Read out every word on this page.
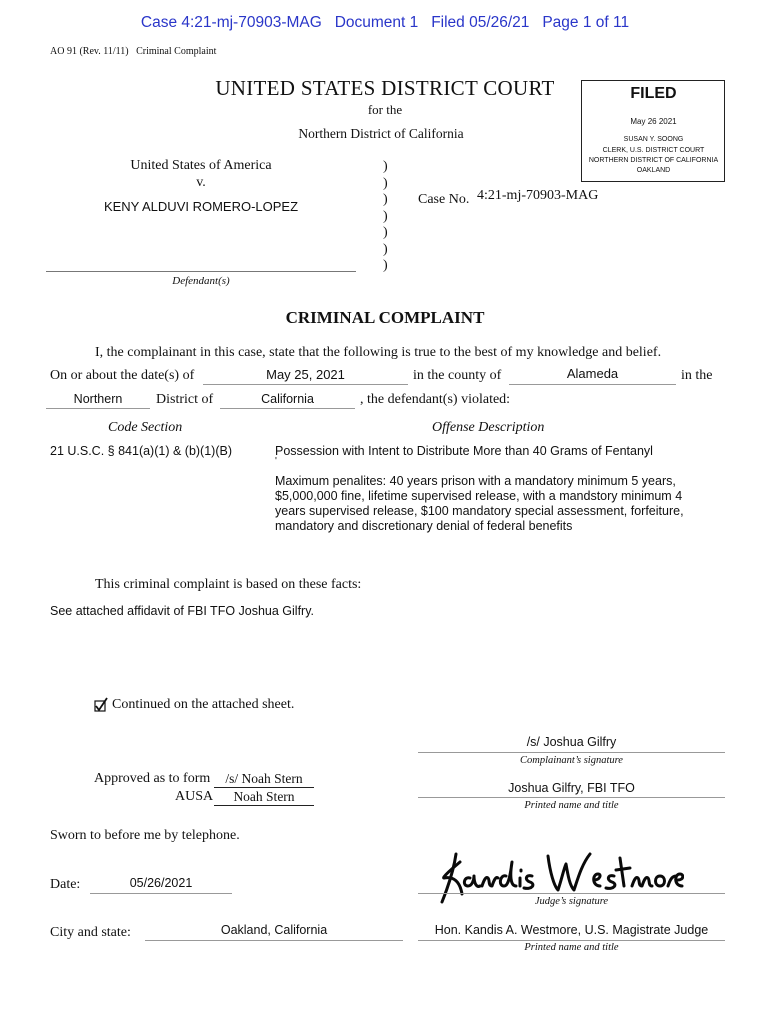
Case 4:21-mj-70903-MAG   Document 1   Filed 05/26/21   Page 1 of 11
AO 91 (Rev. 11/11)   Criminal Complaint
UNITED STATES DISTRICT COURT
for the
Northern District of California
FILED
May 26 2021
SUSAN Y. SOONG
CLERK, U.S. DISTRICT COURT
NORTHERN DISTRICT OF CALIFORNIA
OAKLAND
United States of America
v.
KENY ALDUVI ROMERO-LOPEZ
Defendant(s)
)
)
)
)
)
)
)
Case No. 4:21-mj-70903-MAG
CRIMINAL COMPLAINT
I, the complainant in this case, state that the following is true to the best of my knowledge and belief.
On or about the date(s) of	May 25, 2021	in the county of	Alameda	in the
Northern	District of	California	, the defendant(s) violated:
Code Section	Offense Description
21 U.S.C. § 841(a)(1) & (b)(1)(B)	Possession with Intent to Distribute More than 40 Grams of Fentanyl
'
Maximum penalites: 40 years prison with a mandatory minimum 5 years,
$5,000,000 fine, lifetime supervised release, with a mandstory minimum 4
years supervised release, $100 mandatory special assessment, forfeiture,
mandatory and discretionary denial of federal benefits
This criminal complaint is based on these facts:
See attached affidavit of FBI TFO Joshua Gilfry.
Continued on the attached sheet.
/s/ Joshua Gilfry
Complainant’s signature
Joshua Gilfry, FBI TFO
Printed name and title
Approved as to form	/s/ Noah Stern
AUSA	Noah Stern
Sworn to before me by telephone.
Date:	05/26/2021
Judge’s signature
City and state:	Oakland, California	Hon. Kandis A. Westmore, U.S. Magistrate Judge
Printed name and title
